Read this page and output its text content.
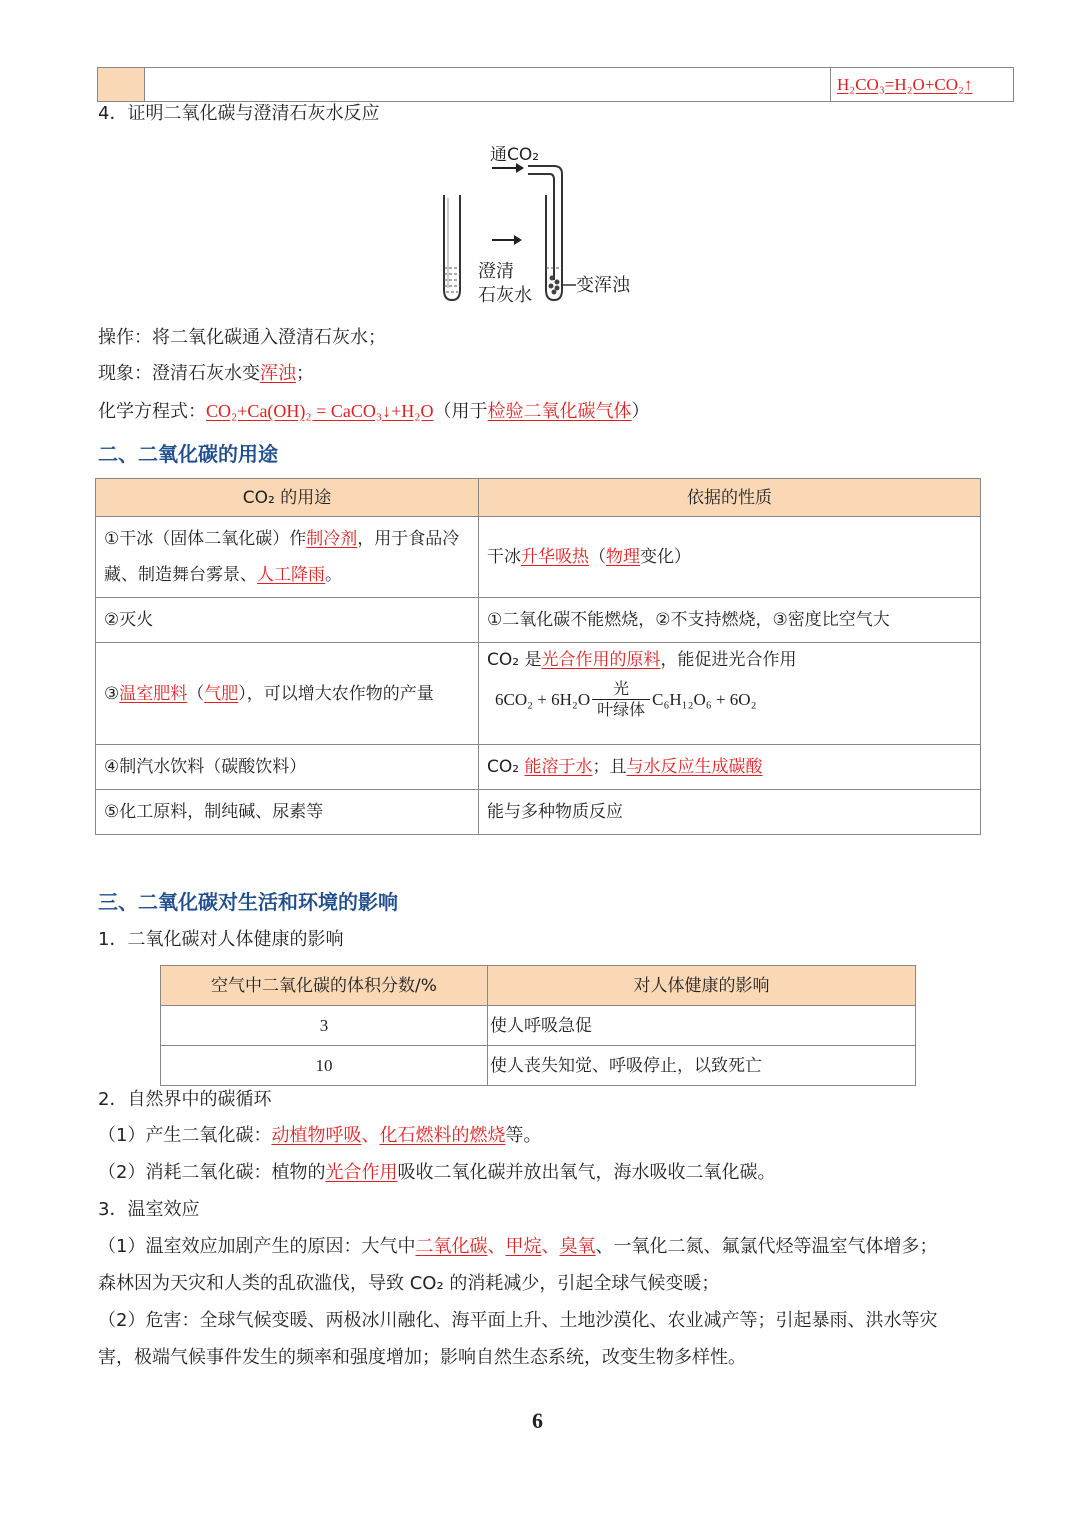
		H₂CO₃=H₂O+CO₂↑
4．证明二氧化碳与澄清石灰水反应
通CO₂
澄清
石灰水 变浑浊
操作：将二氧化碳通入澄清石灰水；
现象：澄清石灰水变浑浊；
化学方程式：CO₂+Ca(OH)₂ = CaCO₃↓+H₂O（用于检验二氧化碳气体）
二、二氧化碳的用途
CO₂ 的用途	依据的性质
①干冰（固体二氧化碳）作制冷剂，用于食品冷藏、制造舞台雾景、人工降雨。	干冰升华吸热（物理变化）
②灭火	①二氧化碳不能燃烧，②不支持燃烧，③密度比空气大
③温室肥料（气肥），可以增大农作物的产量	CO₂ 是光合作用的原料，能促进光合作用
6CO₂ + 6H₂O
光
叶绿体
C₆H₁₂O₆ + 6O₂

④制汽水饮料（碳酸饮料）	CO₂ 能溶于水；且与水反应生成碳酸
⑤化工原料，制纯碱、尿素等	能与多种物质反应
三、二氧化碳对生活和环境的影响
1．二氧化碳对人体健康的影响
空气中二氧化碳的体积分数/%	对人体健康的影响
3	使人呼吸急促
10	使人丧失知觉、呼吸停止，以致死亡
2．自然界中的碳循环
（1）产生二氧化碳：动植物呼吸、化石燃料的燃烧等。
（2）消耗二氧化碳：植物的光合作用吸收二氧化碳并放出氧气，海水吸收二氧化碳。
3．温室效应
（1）温室效应加剧产生的原因：大气中二氧化碳、甲烷、臭氧、一氧化二氮、氟氯代烃等温室气体增多；
森林因为天灾和人类的乱砍滥伐，导致 CO₂ 的消耗减少，引起全球气候变暖；
（2）危害：全球气候变暖、两极冰川融化、海平面上升、土地沙漠化、农业减产等；引起暴雨、洪水等灾
害，极端气候事件发生的频率和强度增加；影响自然生态系统，改变生物多样性。
6
